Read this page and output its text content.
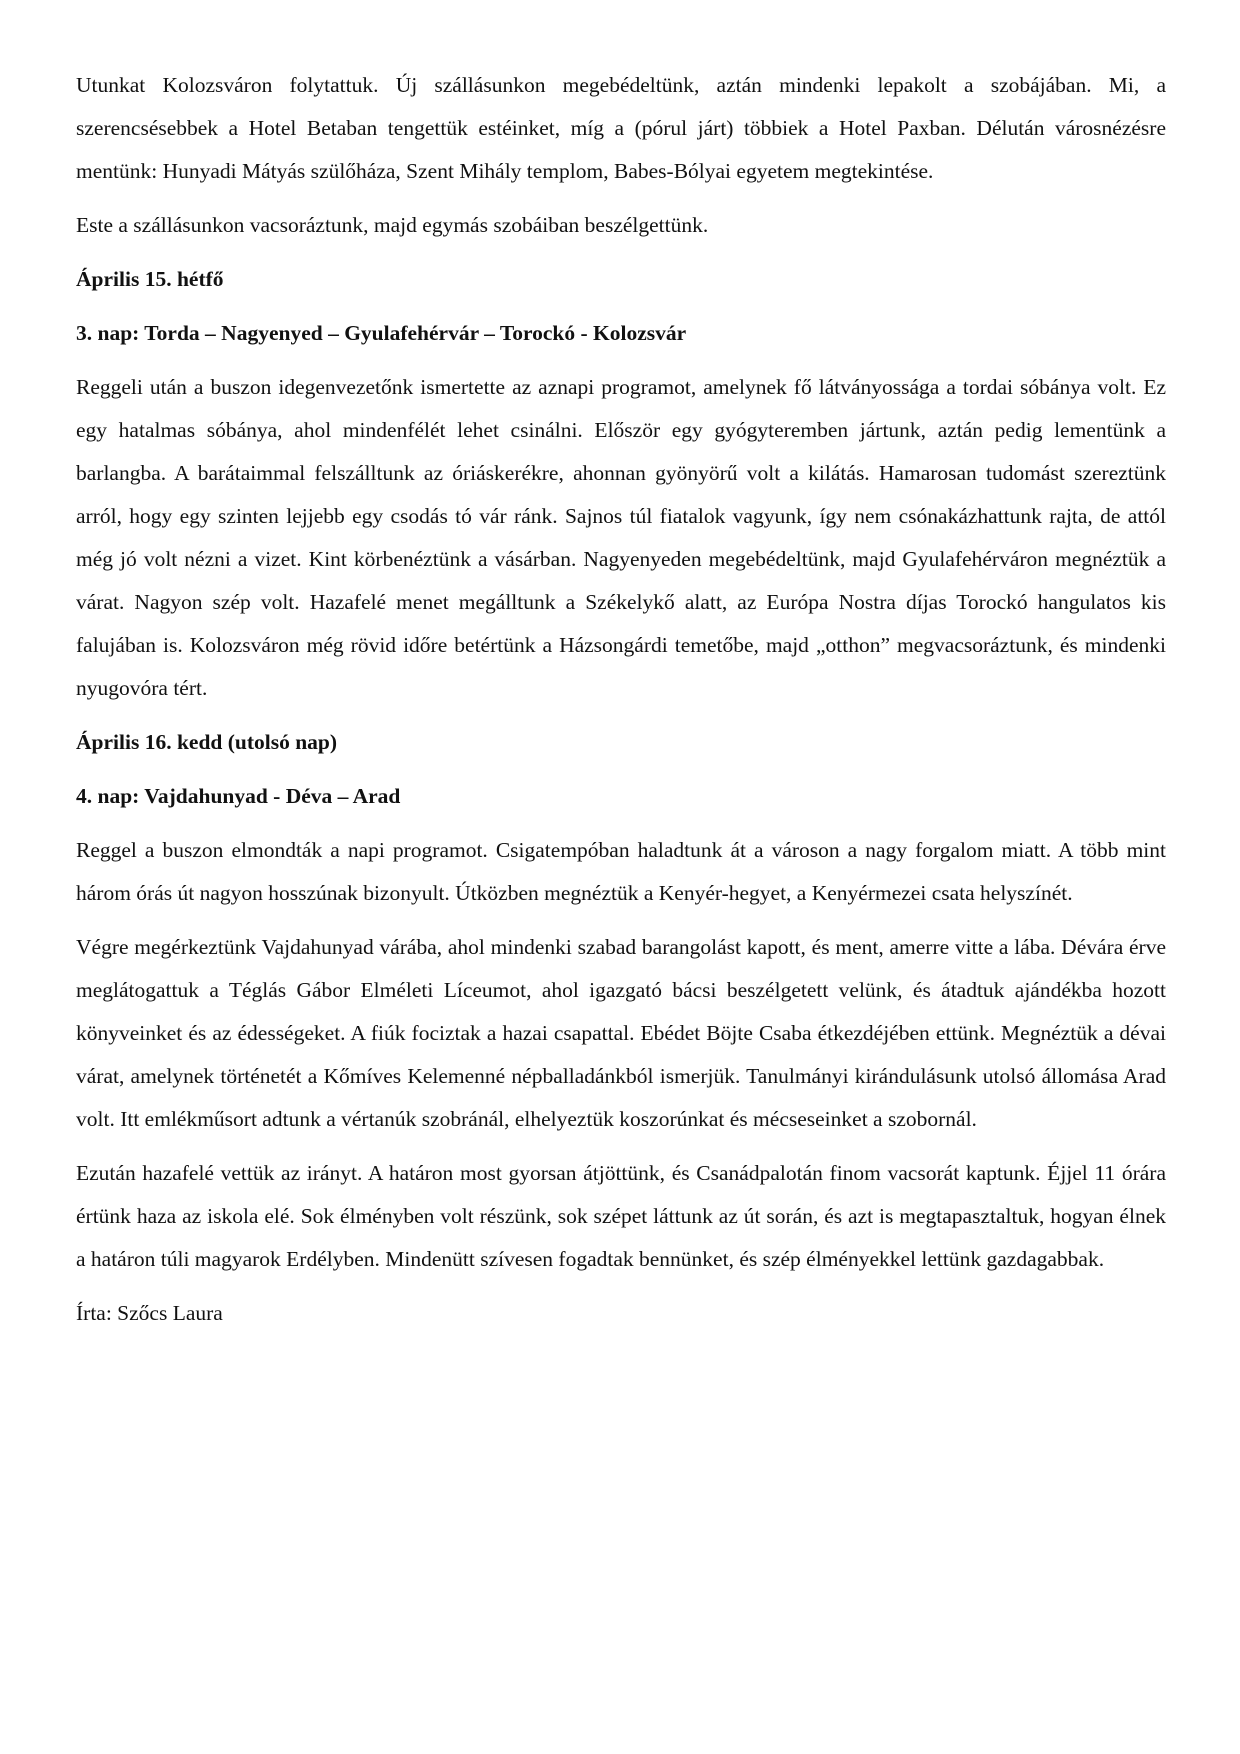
Utunkat Kolozsváron folytattuk. Új szállásunkon megebédeltünk, aztán mindenki lepakolt a szobájában. Mi, a szerencsésebbek a Hotel Betaban tengettük estéinket, míg a (pórul járt) többiek a Hotel Paxban. Délután városnézésre mentünk: Hunyadi Mátyás szülőháza, Szent Mihály templom, Babes-Bólyai egyetem megtekintése.

Este a szállásunkon vacsoráztunk, majd egymás szobáiban beszélgettünk.

Április 15. hétfő

3. nap: Torda – Nagyenyed – Gyulafehérvár – Torockó - Kolozsvár

Reggeli után a buszon idegenvezetőnk ismertette az aznapi programot, amelynek fő látványossága a tordai sóbánya volt. Ez egy hatalmas sóbánya, ahol mindenfélét lehet csinálni. Először egy gyógyteremben jártunk, aztán pedig lementünk a barlangba. A barátaimmal felszálltunk az óriáskerékre, ahonnan gyönyörű volt a kilátás. Hamarosan tudomást szereztünk arról, hogy egy szinten lejjebb egy csodás tó vár ránk. Sajnos túl fiatalok vagyunk, így nem csónakázhattunk rajta, de attól még jó volt nézni a vizet. Kint körbenéztünk a vásárban. Nagyenyeden megebédeltünk, majd Gyulafehérváron megnéztük a várat. Nagyon szép volt. Hazafelé menet megálltunk a Székelykő alatt, az Európa Nostra díjas Torockó hangulatos kis falujában is. Kolozsváron még rövid időre betértünk a Házsongárdi temetőbe, majd „otthon” megvacsoráztunk, és mindenki nyugovóra tért.

Április 16. kedd (utolsó nap)

4. nap: Vajdahunyad - Déva – Arad

Reggel a buszon elmondták a napi programot. Csigatempóban haladtunk át a városon a nagy forgalom miatt. A több mint három órás út nagyon hosszúnak bizonyult. Útközben megnéztük a Kenyér-hegyet, a Kenyérmezei csata helyszínét.

Végre megérkeztünk Vajdahunyad várába, ahol mindenki szabad barangolást kapott, és ment, amerre vitte a lába. Dévára érve meglátogattuk a Téglás Gábor Elméleti Líceumot, ahol igazgató bácsi beszélgetett velünk, és átadtuk ajándékba hozott könyveinket és az édességeket. A fiúk fociztak a hazai csapattal. Ebédet Böjte Csaba étkezdéjében ettünk. Megnéztük a dévai várat, amelynek történetét a Kőmíves Kelemenné népballadánkból ismerjük. Tanulmányi kirándulásunk utolsó állomása Arad volt. Itt emlékműsort adtunk a vértanúk szobránál, elhelyeztük koszorúnkat és mécseseinket a szobornál.

Ezután hazafelé vettük az irányt. A határon most gyorsan átjöttünk, és Csanádpalotán finom vacsorát kaptunk. Éjjel 11 órára értünk haza az iskola elé. Sok élményben volt részünk, sok szépet láttunk az út során, és azt is megtapasztaltuk, hogyan élnek a határon túli magyarok Erdélyben. Mindenütt szívesen fogadtak bennünket, és szép élményekkel lettünk gazdagabbak.

Írta: Szőcs Laura
